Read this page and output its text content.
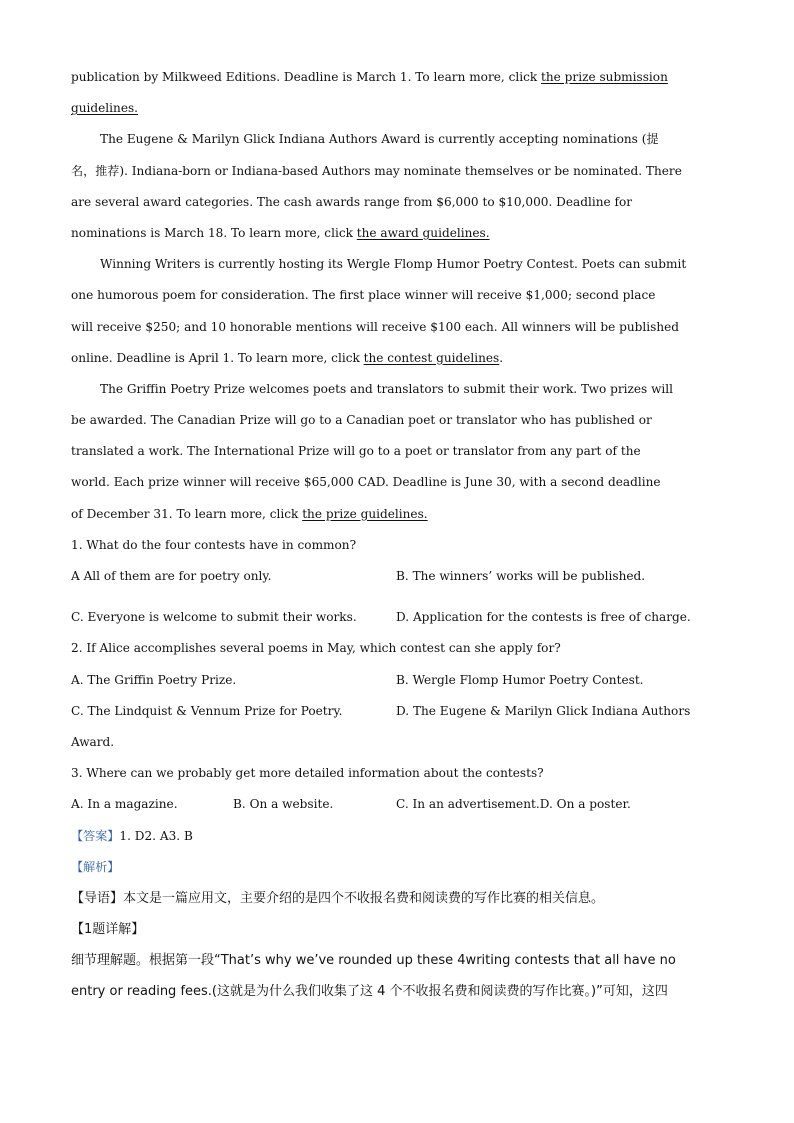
publication by Milkweed Editions. Deadline is March 1. To learn more, click the prize submission
guidelines.
The Eugene & Marilyn Glick Indiana Authors Award is currently accepting nominations (提
名，推荐). Indiana-born or Indiana-based Authors may nominate themselves or be nominated. There
are several award categories. The cash awards range from $6,000 to $10,000. Deadline for
nominations is March 18. To learn more, click the award guidelines.
Winning Writers is currently hosting its Wergle Flomp Humor Poetry Contest. Poets can submit
one humorous poem for consideration. The first place winner will receive $1,000; second place
will receive $250; and 10 honorable mentions will receive $100 each. All winners will be published
online. Deadline is April 1. To learn more, click the contest guidelines.
The Griffin Poetry Prize welcomes poets and translators to submit their work. Two prizes will
be awarded. The Canadian Prize will go to a Canadian poet or translator who has published or
translated a work. The International Prize will go to a poet or translator from any part of the
world. Each prize winner will receive $65,000 CAD. Deadline is June 30, with a second deadline
of December 31. To learn more, click the prize guidelines.
1. What do the four contests have in common?
A All of them are for poetry only.	B. The winners’ works will be published.
C. Everyone is welcome to submit their works.	D. Application for the contests is free of charge.
2. If Alice accomplishes several poems in May, which contest can she apply for?
A. The Griffin Poetry Prize.	B. Wergle Flomp Humor Poetry Contest.
C. The Lindquist & Vennum Prize for Poetry.	D. The Eugene & Marilyn Glick Indiana Authors
Award.
3. Where can we probably get more detailed information about the contests?
A. In a magazine.	B. On a website.	C. In an advertisement. D. On a poster.
【答案】1. D2. A3. B
【解析】
【导语】本文是一篇应用文，主要介绍的是四个不收报名费和阅读费的写作比赛的相关信息。
【1题详解】
细节理解题。根据第一段“That’s why we’ve rounded up these 4writing contests that all have no
entry or reading fees.(这就是为什么我们收集了这 4 个不收报名费和阅读费的写作比赛。)”可知，这四
